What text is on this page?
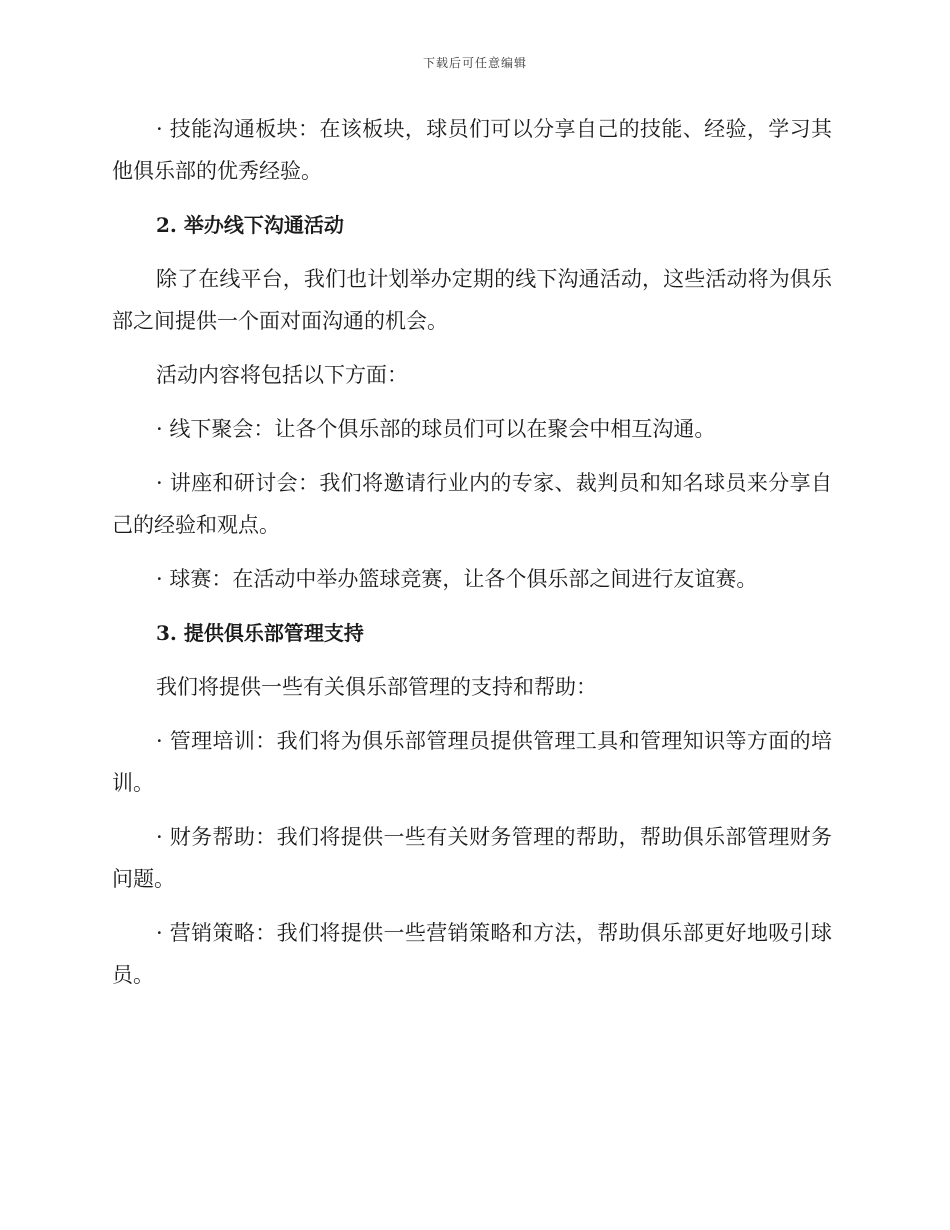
下载后可任意编辑

· 技能沟通板块：在该板块，球员们可以分享自己的技能、经验，学习其他俱乐部的优秀经验。

2. 举办线下沟通活动

除了在线平台，我们也计划举办定期的线下沟通活动，这些活动将为俱乐部之间提供一个面对面沟通的机会。

活动内容将包括以下方面：

· 线下聚会：让各个俱乐部的球员们可以在聚会中相互沟通。

· 讲座和研讨会：我们将邀请行业内的专家、裁判员和知名球员来分享自己的经验和观点。

· 球赛：在活动中举办篮球竞赛，让各个俱乐部之间进行友谊赛。

3. 提供俱乐部管理支持

我们将提供一些有关俱乐部管理的支持和帮助：

· 管理培训：我们将为俱乐部管理员提供管理工具和管理知识等方面的培训。

· 财务帮助：我们将提供一些有关财务管理的帮助，帮助俱乐部管理财务问题。

· 营销策略：我们将提供一些营销策略和方法，帮助俱乐部更好地吸引球员。
